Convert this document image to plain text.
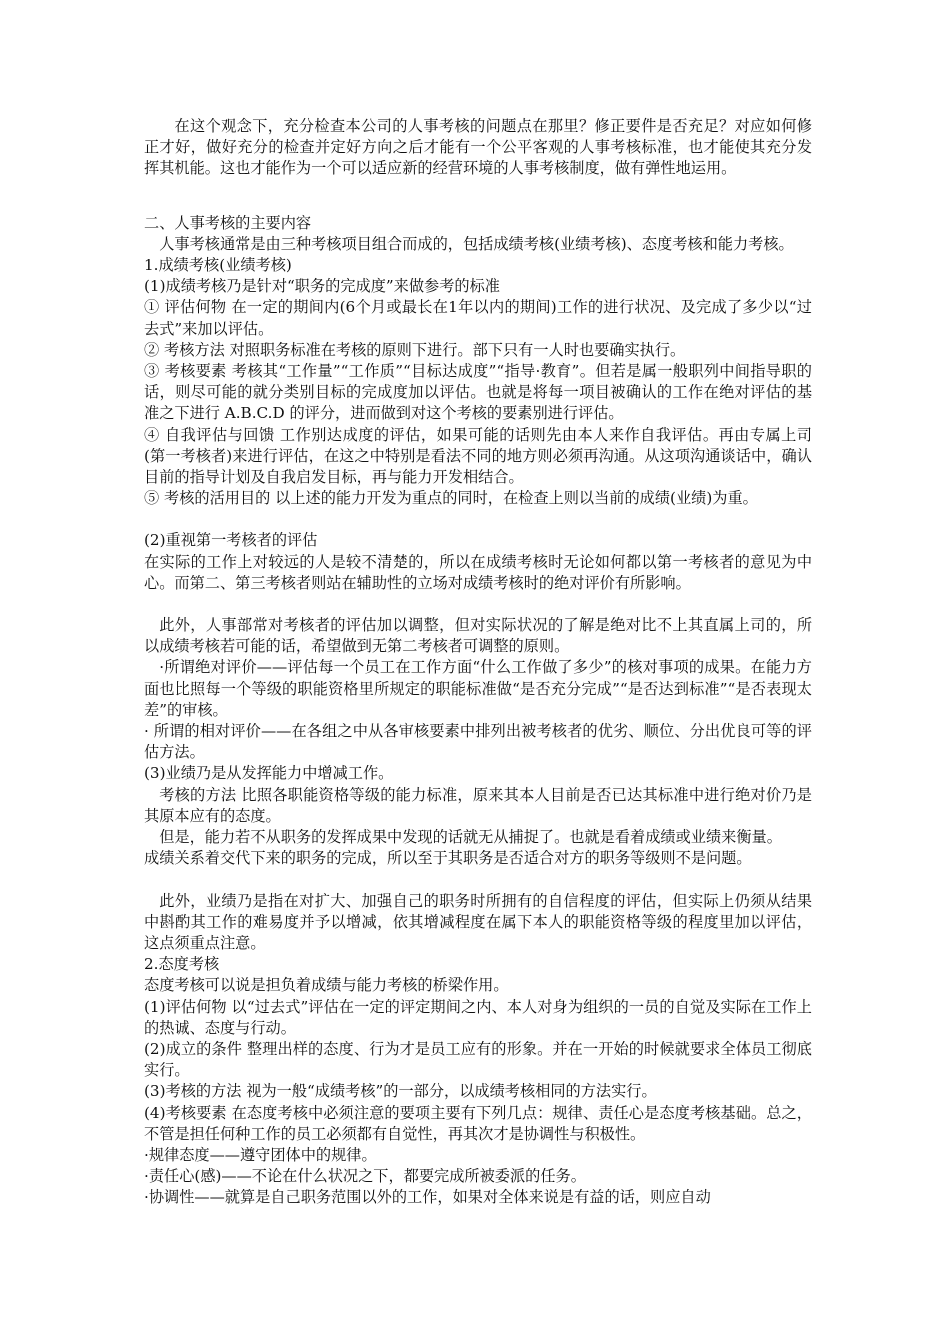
在这个观念下，充分检查本公司的人事考核的问题点在那里？修正要件是否充足？对应如何修正才好，做好充分的检查并定好方向之后才能有一个公平客观的人事考核标准，也才能使其充分发挥其机能。这也才能作为一个可以适应新的经营环境的人事考核制度，做有弹性地运用。

二、人事考核的主要内容

人事考核通常是由三种考核项目组合而成的，包括成绩考核(业绩考核)、态度考核和能力考核。

1.成绩考核(业绩考核)

(1)成绩考核乃是针对“职务的完成度”来做参考的标准

① 评估何物 在一定的期间内(6个月或最长在1年以内的期间)工作的进行状况、及完成了多少以“过去式”来加以评估。

② 考核方法 对照职务标准在考核的原则下进行。部下只有一人时也要确实执行。

③ 考核要素 考核其“工作量”“工作质”“目标达成度”“指导·教育”。但若是属一般职列中间指导职的话，则尽可能的就分类别目标的完成度加以评估。也就是将每一项目被确认的工作在绝对评估的基准之下进行 A.B.C.D 的评分，进而做到对这个考核的要素别进行评估。

④ 自我评估与回馈 工作别达成度的评估，如果可能的话则先由本人来作自我评估。再由专属上司(第一考核者)来进行评估，在这之中特别是看法不同的地方则必须再沟通。从这项沟通谈话中，确认目前的指导计划及自我启发目标，再与能力开发相结合。

⑤ 考核的活用目的 以上述的能力开发为重点的同时，在检查上则以当前的成绩(业绩)为重。

(2)重视第一考核者的评估

在实际的工作上对较远的人是较不清楚的，所以在成绩考核时无论如何都以第一考核者的意见为中心。而第二、第三考核者则站在辅助性的立场对成绩考核时的绝对评价有所影响。

此外，人事部常对考核者的评估加以调整，但对实际状况的了解是绝对比不上其直属上司的，所以成绩考核若可能的话，希望做到无第二考核者可调整的原则。

·所谓绝对评价——评估每一个员工在工作方面“什么工作做了多少”的核对事项的成果。在能力方面也比照每一个等级的职能资格里所规定的职能标准做“是否充分完成”“是否达到标准”“是否表现太差”的审核。

· 所谓的相对评价——在各组之中从各审核要素中排列出被考核者的优劣、顺位、分出优良可等的评估方法。

(3)业绩乃是从发挥能力中增减工作。

考核的方法 比照各职能资格等级的能力标准，原来其本人目前是否已达其标准中进行绝对价乃是其原本应有的态度。

但是，能力若不从职务的发挥成果中发现的话就无从捕捉了。也就是看着成绩或业绩来衡量。

成绩关系着交代下来的职务的完成，所以至于其职务是否适合对方的职务等级则不是问题。

此外，业绩乃是指在对扩大、加强自己的职务时所拥有的自信程度的评估，但实际上仍须从结果中斟酌其工作的难易度并予以增减，依其增减程度在属下本人的职能资格等级的程度里加以评估，这点须重点注意。

2.态度考核

态度考核可以说是担负着成绩与能力考核的桥梁作用。

(1)评估何物 以“过去式”评估在一定的评定期间之内、本人对身为组织的一员的自觉及实际在工作上的热诚、态度与行动。

(2)成立的条件 整理出样的态度、行为才是员工应有的形象。并在一开始的时候就要求全体员工彻底实行。

(3)考核的方法 视为一般“成绩考核”的一部分，以成绩考核相同的方法实行。

(4)考核要素 在态度考核中必须注意的要项主要有下列几点：规律、责任心是态度考核基础。总之，不管是担任何种工作的员工必须都有自觉性，再其次才是协调性与积极性。

·规律态度——遵守团体中的规律。

·责任心(感)——不论在什么状况之下，都要完成所被委派的任务。

·协调性——就算是自己职务范围以外的工作，如果对全体来说是有益的话，则应自动
